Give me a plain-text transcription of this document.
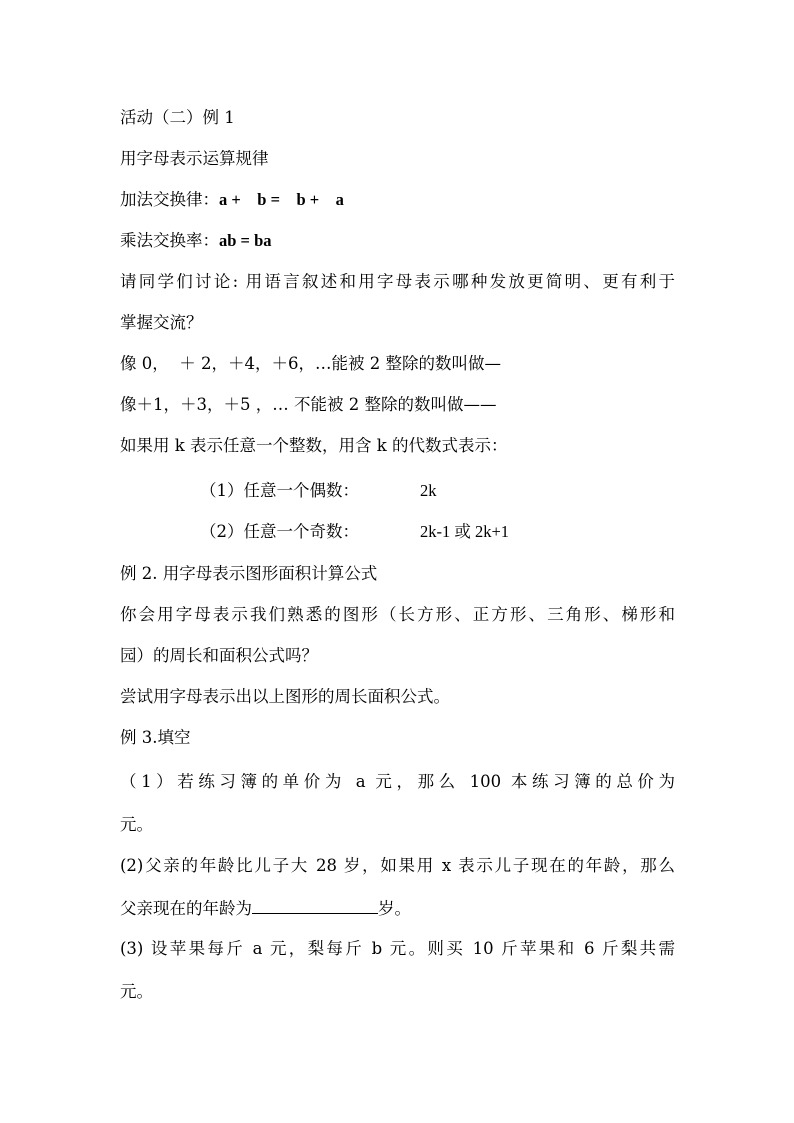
活动（二）例 1
用字母表示运算规律
加法交换律：a +    b =    b +    a
乘法交换率：ab = ba
请同学们讨论: 用语言叙述和用字母表示哪种发放更简明、更有利于
掌握交流？
像 0，  ＋ 2，＋4，＋6，…能被 2 整除的数叫做—
像＋1，＋3，＋5 ，… 不能被 2 整除的数叫做——
如果用 k 表示任意一个整数，用含 k 的代数式表示：
（1）任意一个偶数：	2k
（2）任意一个奇数：	2k-1 或 2k+1
例 2. 用字母表示图形面积计算公式
你会用字母表示我们熟悉的图形（长方形、正方形、三角形、梯形和
园）的周长和面积公式吗？
尝试用字母表示出以上图形的周长面积公式。
例 3.填空
（1）若练习簿的单价为 a 元，那么 100 本练习簿的总价为
元。
(2)父亲的年龄比儿子大 28 岁，如果用 x 表示儿子现在的年龄，那么
父亲现在的年龄为	岁。
(3) 设苹果每斤 a 元，梨每斤 b 元。则买 10 斤苹果和 6 斤梨共需
元。
